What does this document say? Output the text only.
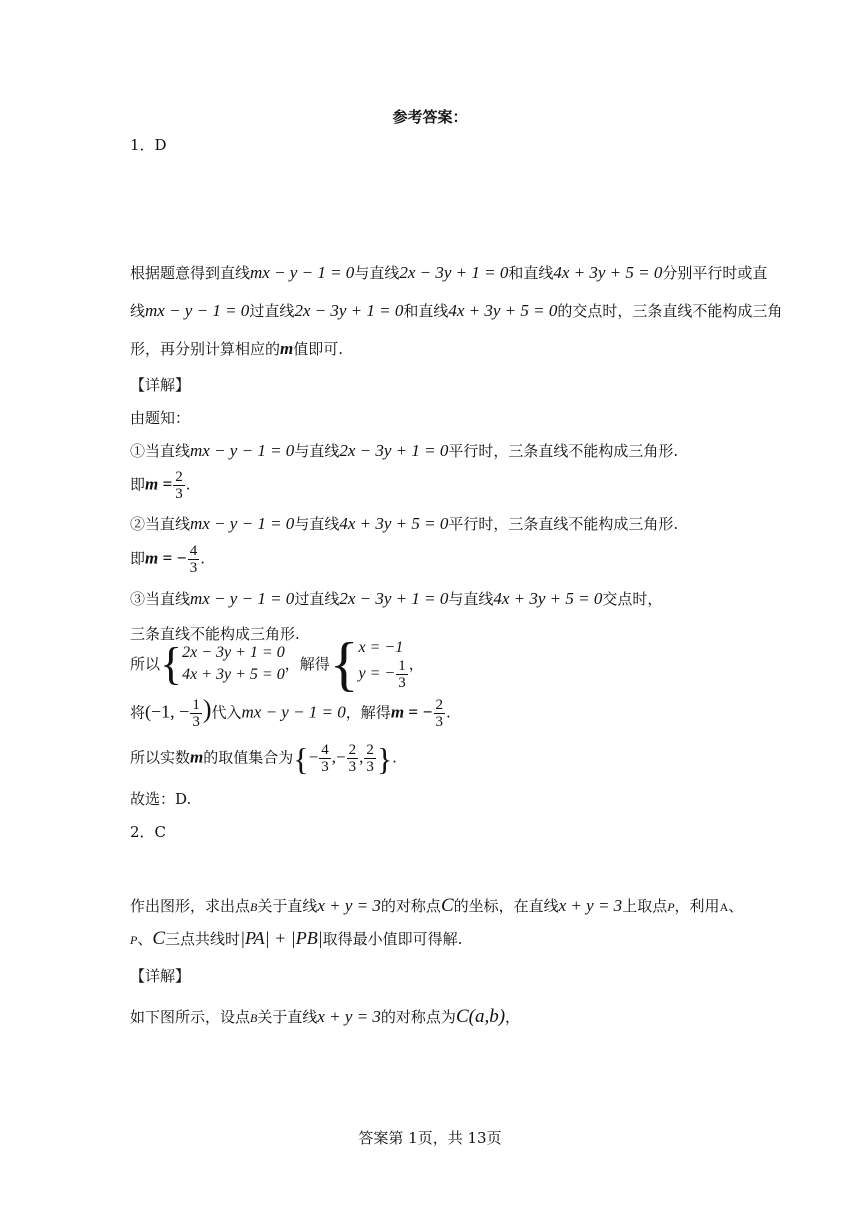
参考答案：
1．D
根据题意得到直线mx − y − 1 = 0与直线2x − 3y + 1 = 0和直线4x + 3y + 5 = 0分别平行时或直
线mx − y − 1 = 0过直线2x − 3y + 1 = 0和直线4x + 3y + 5 = 0的交点时，三条直线不能构成三角
形，再分别计算相应的m值即可.
【详解】
由题知：
①当直线mx − y − 1 = 0与直线2x − 3y + 1 = 0平行时，三条直线不能构成三角形.
即$m = \frac{2}{3}$ .
②当直线mx − y − 1 = 0与直线4x + 3y + 5 = 0平行时，三条直线不能构成三角形.
即m = − $\frac{4}{3}$ .
③当直线mx − y − 1 = 0过直线2x − 3y + 1 = 0与直线4x + 3y + 5 = 0交点时，
三条直线不能构成三角形.
所以{ 2x − 3y + 1 = 0
4x + 3y + 5 = 0
，解得{ x = −1
y = − $\frac{1}{3}$ ，
将(−1, − $\frac{1}{3}$ )代入mx − y − 1 = 0，解得m = − $\frac{2}{3}$ .
所以实数m的取值集合为{− $\frac{4}{3}$ ,− $\frac{2}{3}$ , $\frac{2}{3}$ }.
故选：D.
2．C
作出图形，求出点B关于直线x + y = 3的对称点C的坐标，在直线x + y = 3上取点P，利用A、
P、C三点共线时|PA| + |PB|取得最小值即可得解.
【详解】
如下图所示，设点B关于直线x + y = 3的对称点为C(a,b)，
答案第 1页，共 13页
